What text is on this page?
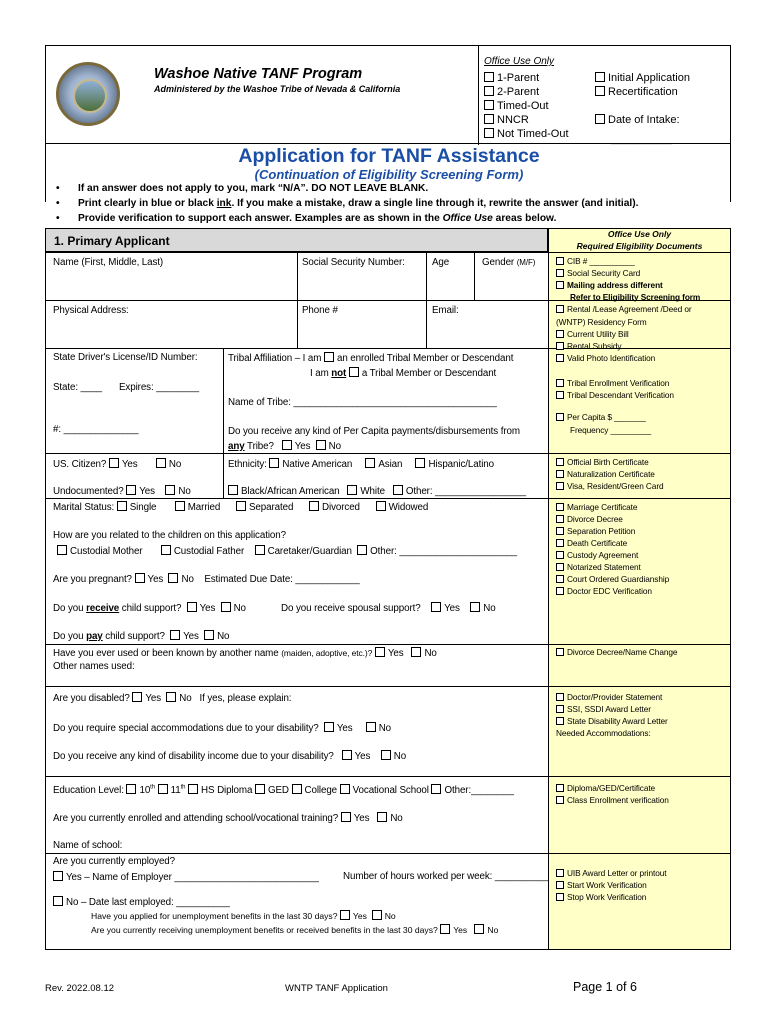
Washoe Native TANF Program
Administered by the Washoe Tribe of Nevada & California
Office Use Only
1-Parent
2-Parent
Timed-Out
NNCR
Not Timed-Out
Initial Application
Recertification
Date of Intake:
___________
Application for TANF Assistance
(Continuation of Eligibility Screening Form)
• If an answer does not apply to you, mark “N/A”. DO NOT LEAVE BLANK.
• Print clearly in blue or black ink. If you make a mistake, draw a single line through it, rewrite the answer (and initial).
• Provide verification to support each answer. Examples are as shown in the Office Use areas below.
1. Primary Applicant	Office Use Only
Required Eligibility Documents
Name (First, Middle, Last)	Social Security Number:	Age	Gender (M/F)
Physical Address:	Phone #	Email:
State Driver's License/ID Number:
State: ____ Expires: ________
#: ______________
Tribal Affiliation – I am an enrolled Tribal Member or Descendant
I am not a Tribal Member or Descendant
Name of Tribe: ______________________________________
Do you receive any kind of Per Capita payments/disbursements from
any Tribe? Yes No
US. Citizen? Yes	No	Ethnicity: Native American	Asian	Hispanic/Latino
Undocumented? Yes No	Black/African American White Other: _________________
Marital Status: Single	Married	Separated	Divorced	Widowed
How are you related to the children on this application?
Custodial Mother	Custodial Father Caretaker/Guardian Other: ______________________
Are you pregnant? Yes No Estimated Due Date: ____________
Do you receive child support? Yes No	Do you receive spousal support? Yes No
Do you pay child support? Yes No
Have you ever used or been known by another name (maiden, adoptive, etc.)? Yes No
Other names used:
Are you disabled? Yes No If yes, please explain:
Do you require special accommodations due to your disability? Yes	No
Do you receive any kind of disability income due to your disability? Yes No
Education Level: 10th 11th HS Diploma GED College Vocational School Other:________
Are you currently enrolled and attending school/vocational training? Yes No
Name of school:
Are you currently employed?
Yes – Name of Employer ___________________________ Number of hours worked per week: __________
No – Date last employed: __________
Have you applied for unemployment benefits in the last 30 days? Yes No
Are you currently receiving unemployment benefits or received benefits in the last 30 days? Yes No
CIB # __________
Social Security Card
Mailing address different
Refer to Eligibility Screening form
Rental /Lease Agreement /Deed or
(WNTP) Residency Form
Current Utility Bill
Rental Subsidy
Valid Photo Identification
Tribal Enrollment Verification
Tribal Descendant Verification
Per Capita $ _______
Frequency _________
Official Birth Certificate
Naturalization Certificate
Visa, Resident/Green Card
Marriage Certificate
Divorce Decree
Separation Petition
Death Certificate
Custody Agreement
Notarized Statement
Court Ordered Guardianship
Doctor EDC Verification
Divorce Decree/Name Change
Doctor/Provider Statement
SSI, SSDI Award Letter
State Disability Award Letter
Needed Accommodations:
Diploma/GED/Certificate
Class Enrollment verification
UIB Award Letter or printout
Start Work Verification
Stop Work Verification
Rev. 2022.08.12	WNTP TANF Application	Page 1 of 6
